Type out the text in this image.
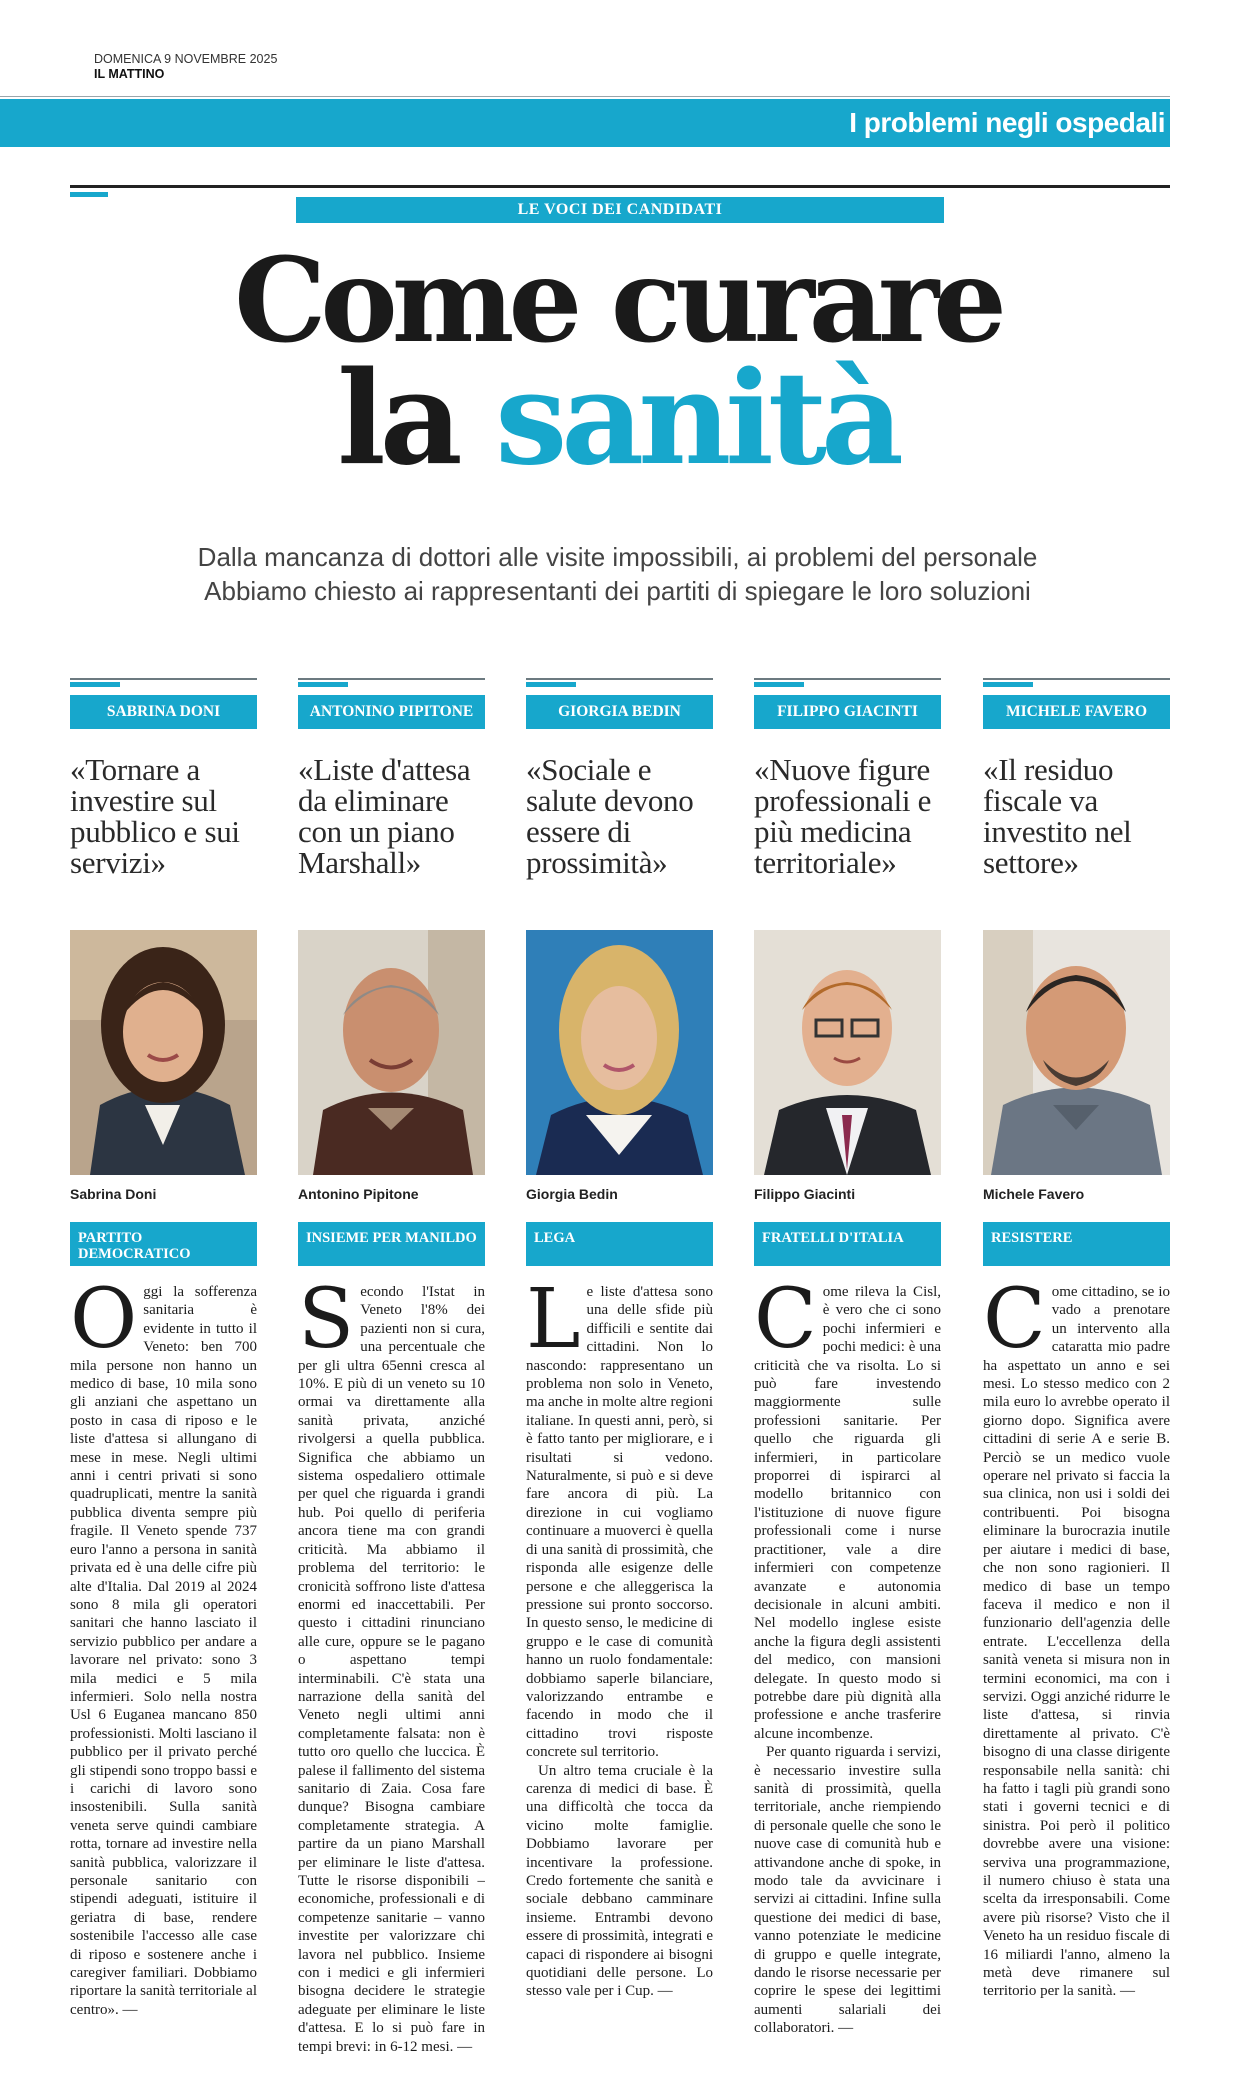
DOMENICA 9 NOVEMBRE 2025
IL MATTINO
I problemi negli ospedali
LE VOCI DEI CANDIDATI
Come curare
la sanità
Dalla mancanza di dottori alle visite impossibili, ai problemi del personale
Abbiamo chiesto ai rappresentanti dei partiti di spiegare le loro soluzioni
SABRINA DONI
«Tornare a investire sul pubblico e sui servizi»
Sabrina Doni
PARTITO DEMOCRATICO

Oggi la sofferenza sanitaria è evidente in tutto il Veneto: ben 700 mila persone non hanno un medico di base, 10 mila sono gli anziani che aspettano un posto in casa di riposo e le liste d'attesa si allungano di mese in mese. Negli ultimi anni i centri privati si sono quadruplicati, mentre la sanità pubblica diventa sempre più fragile. Il Veneto spende 737 euro l'anno a persona in sanità privata ed è una delle cifre più alte d'Italia. Dal 2019 al 2024 sono 8 mila gli operatori sanitari che hanno lasciato il servizio pubblico per andare a lavorare nel privato: sono 3 mila medici e 5 mila infermieri. Solo nella nostra Usl 6 Euganea mancano 850 professionisti. Molti lasciano il pubblico per il privato perché gli stipendi sono troppo bassi e i carichi di lavoro sono insostenibili. Sulla sanità veneta serve quindi cambiare rotta, tornare ad investire nella sanità pubblica, valorizzare il personale sanitario con stipendi adeguati, istituire il geriatra di base, rendere sostenibile l'accesso alle case di riposo e sostenere anche i caregiver familiari. Dobbiamo riportare la sanità territoriale al centro». —

ANTONINO PIPITONE
«Liste d'attesa da eliminare con un piano Marshall»
Antonino Pipitone
INSIEME PER MANILDO

Secondo l'Istat in Veneto l'8% dei pazienti non si cura, una percentuale che per gli ultra 65enni cresca al 10%. E più di un veneto su 10 ormai va direttamente alla sanità privata, anziché rivolgersi a quella pubblica. Significa che abbiamo un sistema ospedaliero ottimale per quel che riguarda i grandi hub. Poi quello di periferia ancora tiene ma con grandi criticità. Ma abbiamo il problema del territorio: le cronicità soffrono liste d'attesa enormi ed inaccettabili. Per questo i cittadini rinunciano alle cure, oppure se le pagano o aspettano tempi interminabili. C'è stata una narrazione della sanità del Veneto negli ultimi anni completamente falsata: non è tutto oro quello che luccica. È palese il fallimento del sistema sanitario di Zaia. Cosa fare dunque? Bisogna cambiare completamente strategia. A partire da un piano Marshall per eliminare le liste d'attesa. Tutte le risorse disponibili – economiche, professionali e di competenze sanitarie – vanno investite per valorizzare chi lavora nel pubblico. Insieme con i medici e gli infermieri bisogna decidere le strategie adeguate per eliminare le liste d'attesa. E lo si può fare in tempi brevi: in 6-12 mesi. —

GIORGIA BEDIN
«Sociale e salute devono essere di prossimità»
Giorgia Bedin
LEGA

Le liste d'attesa sono una delle sfide più difficili e sentite dai cittadini. Non lo nascondo: rappresentano un problema non solo in Veneto, ma anche in molte altre regioni italiane. In questi anni, però, si è fatto tanto per migliorare, e i risultati si vedono. Naturalmente, si può e si deve fare ancora di più. La direzione in cui vogliamo continuare a muoverci è quella di una sanità di prossimità, che risponda alle esigenze delle persone e che alleggerisca la pressione sui pronto soccorso. In questo senso, le medicine di gruppo e le case di comunità hanno un ruolo fondamentale: dobbiamo saperle bilanciare, valorizzando entrambe e facendo in modo che il cittadino trovi risposte concrete sul territorio.

Un altro tema cruciale è la carenza di medici di base. È una difficoltà che tocca da vicino molte famiglie. Dobbiamo lavorare per incentivare la professione. Credo fortemente che sanità e sociale debbano camminare insieme. Entrambi devono essere di prossimità, integrati e capaci di rispondere ai bisogni quotidiani delle persone. Lo stesso vale per i Cup. —

FILIPPO GIACINTI
«Nuove figure professionali e più medicina territoriale»
Filippo Giacinti
FRATELLI D'ITALIA

Come rileva la Cisl, è vero che ci sono pochi infermieri e pochi medici: è una criticità che va risolta. Lo si può fare investendo maggiormente sulle professioni sanitarie. Per quello che riguarda gli infermieri, in particolare proporrei di ispirarci al modello britannico con l'istituzione di nuove figure professionali come i nurse practitioner, vale a dire infermieri con competenze avanzate e autonomia decisionale in alcuni ambiti. Nel modello inglese esiste anche la figura degli assistenti del medico, con mansioni delegate. In questo modo si potrebbe dare più dignità alla professione e anche trasferire alcune incombenze.

Per quanto riguarda i servizi, è necessario investire sulla sanità di prossimità, quella territoriale, anche riempiendo di personale quelle che sono le nuove case di comunità hub e attivandone anche di spoke, in modo tale da avvicinare i servizi ai cittadini. Infine sulla questione dei medici di base, vanno potenziate le medicine di gruppo e quelle integrate, dando le risorse necessarie per coprire le spese dei legittimi aumenti salariali dei collaboratori. —

MICHELE FAVERO
«Il residuo fiscale va investito nel settore»
Michele Favero
RESISTERE

Come cittadino, se io vado a prenotare un intervento alla cataratta mio padre ha aspettato un anno e sei mesi. Lo stesso medico con 2 mila euro lo avrebbe operato il giorno dopo. Significa avere cittadini di serie A e serie B. Perciò se un medico vuole operare nel privato si faccia la sua clinica, non usi i soldi dei contribuenti. Poi bisogna eliminare la burocrazia inutile per aiutare i medici di base, che non sono ragionieri. Il medico di base un tempo faceva il medico e non il funzionario dell'agenzia delle entrate. L'eccellenza della sanità veneta si misura non in termini economici, ma con i servizi. Oggi anziché ridurre le liste d'attesa, si rinvia direttamente al privato. C'è bisogno di una classe dirigente responsabile nella sanità: chi ha fatto i tagli più grandi sono stati i governi tecnici e di sinistra. Poi però il politico dovrebbe avere una visione: serviva una programmazione, il numero chiuso è stata una scelta da irresponsabili. Come avere più risorse? Visto che il Veneto ha un residuo fiscale di 16 miliardi l'anno, almeno la metà deve rimanere sul territorio per la sanità. —
